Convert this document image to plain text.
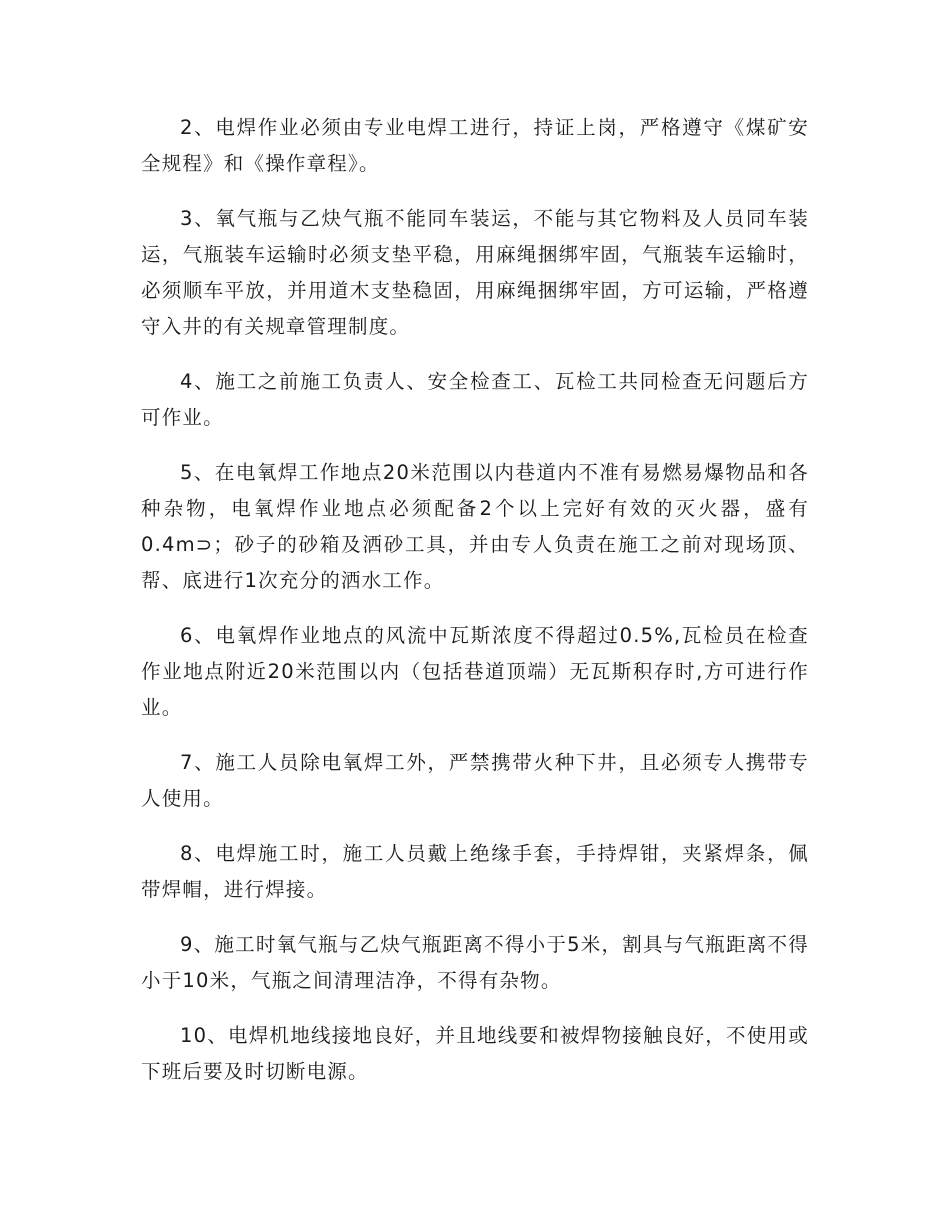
2、电焊作业必须由专业电焊工进行，持证上岗，严格遵守《煤矿安全规程》和《操作章程》。

3、氧气瓶与乙炔气瓶不能同车装运，不能与其它物料及人员同车装运，气瓶装车运输时必须支垫平稳，用麻绳捆绑牢固，气瓶装车运输时，必须顺车平放，并用道木支垫稳固，用麻绳捆绑牢固，方可运输，严格遵守入井的有关规章管理制度。

4、施工之前施工负责人、安全检查工、瓦检工共同检查无问题后方可作业。

5、在电氧焊工作地点20米范围以内巷道内不准有易燃易爆物品和各种杂物，电氧焊作业地点必须配备2个以上完好有效的灭火器，盛有0.4m⊃；砂子的砂箱及洒砂工具，并由专人负责在施工之前对现场顶、帮、底进行1次充分的洒水工作。

6、电氧焊作业地点的风流中瓦斯浓度不得超过0.5%,瓦检员在检查作业地点附近20米范围以内（包括巷道顶端）无瓦斯积存时,方可进行作业。

7、施工人员除电氧焊工外，严禁携带火种下井，且必须专人携带专人使用。

8、电焊施工时，施工人员戴上绝缘手套，手持焊钳，夹紧焊条，佩带焊帽，进行焊接。

9、施工时氧气瓶与乙炔气瓶距离不得小于5米，割具与气瓶距离不得小于10米，气瓶之间清理洁净，不得有杂物。

10、电焊机地线接地良好，并且地线要和被焊物接触良好，不使用或下班后要及时切断电源。
